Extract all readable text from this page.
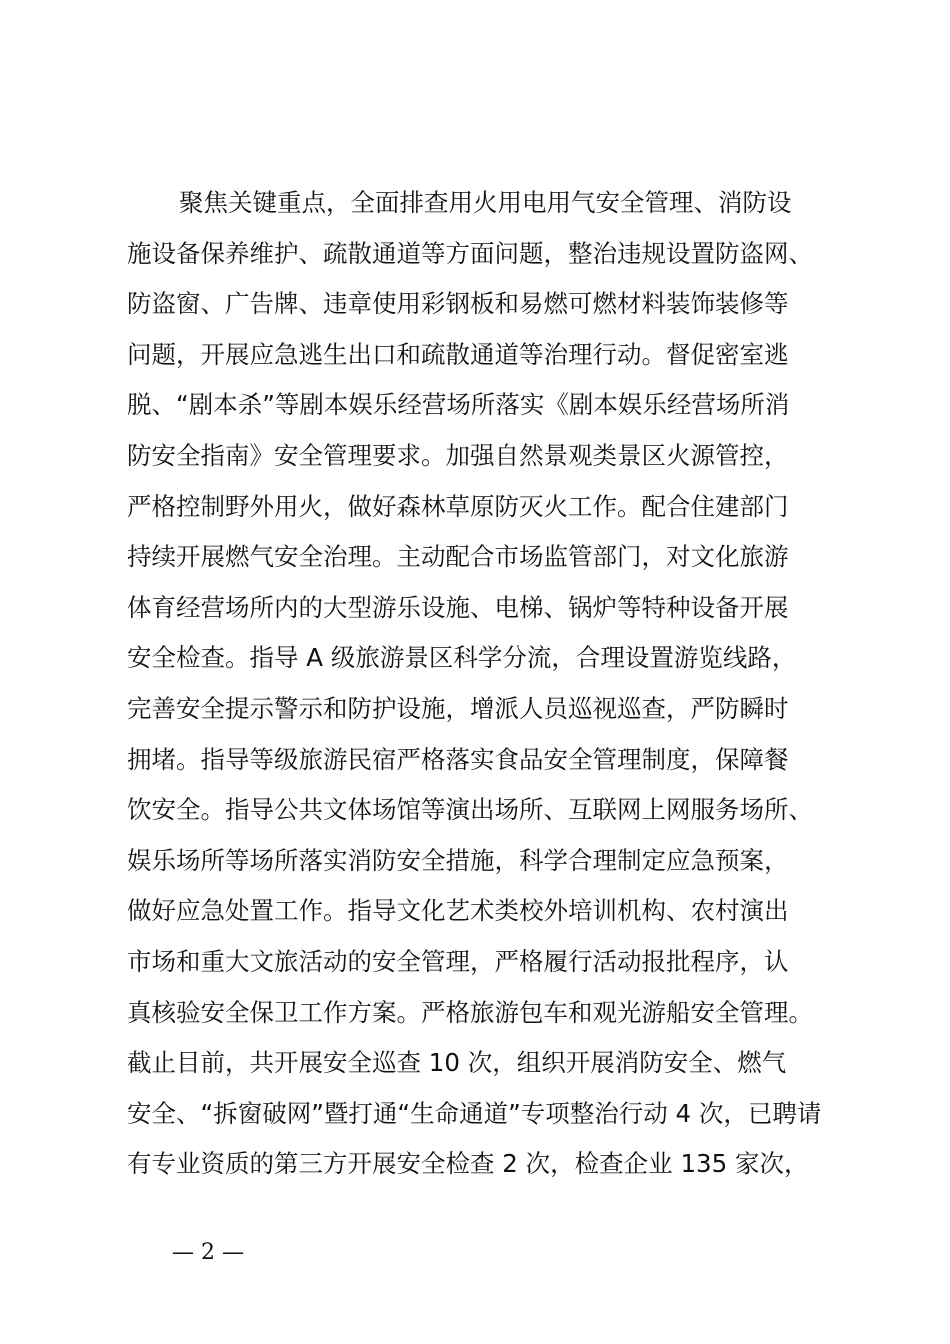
聚焦关键重点，全面排查用火用电用气安全管理、消防设
施设备保养维护、疏散通道等方面问题，整治违规设置防盗网、
防盗窗、广告牌、违章使用彩钢板和易燃可燃材料装饰装修等
问题，开展应急逃生出口和疏散通道等治理行动。督促密室逃
脱、“剧本杀”等剧本娱乐经营场所落实《剧本娱乐经营场所消
防安全指南》安全管理要求。加强自然景观类景区火源管控，
严格控制野外用火，做好森林草原防灭火工作。配合住建部门
持续开展燃气安全治理。主动配合市场监管部门，对文化旅游
体育经营场所内的大型游乐设施、电梯、锅炉等特种设备开展
安全检查。指导 A 级旅游景区科学分流，合理设置游览线路，
完善安全提示警示和防护设施，增派人员巡视巡查，严防瞬时
拥堵。指导等级旅游民宿严格落实食品安全管理制度，保障餐
饮安全。指导公共文体场馆等演出场所、互联网上网服务场所、
娱乐场所等场所落实消防安全措施，科学合理制定应急预案，
做好应急处置工作。指导文化艺术类校外培训机构、农村演出
市场和重大文旅活动的安全管理，严格履行活动报批程序，认
真核验安全保卫工作方案。严格旅游包车和观光游船安全管理。
截止目前，共开展安全巡查 10 次，组织开展消防安全、燃气
安全、“拆窗破网”暨打通“生命通道”专项整治行动 4 次，已聘请
有专业资质的第三方开展安全检查 2 次，检查企业 135 家次，
— 2 —
